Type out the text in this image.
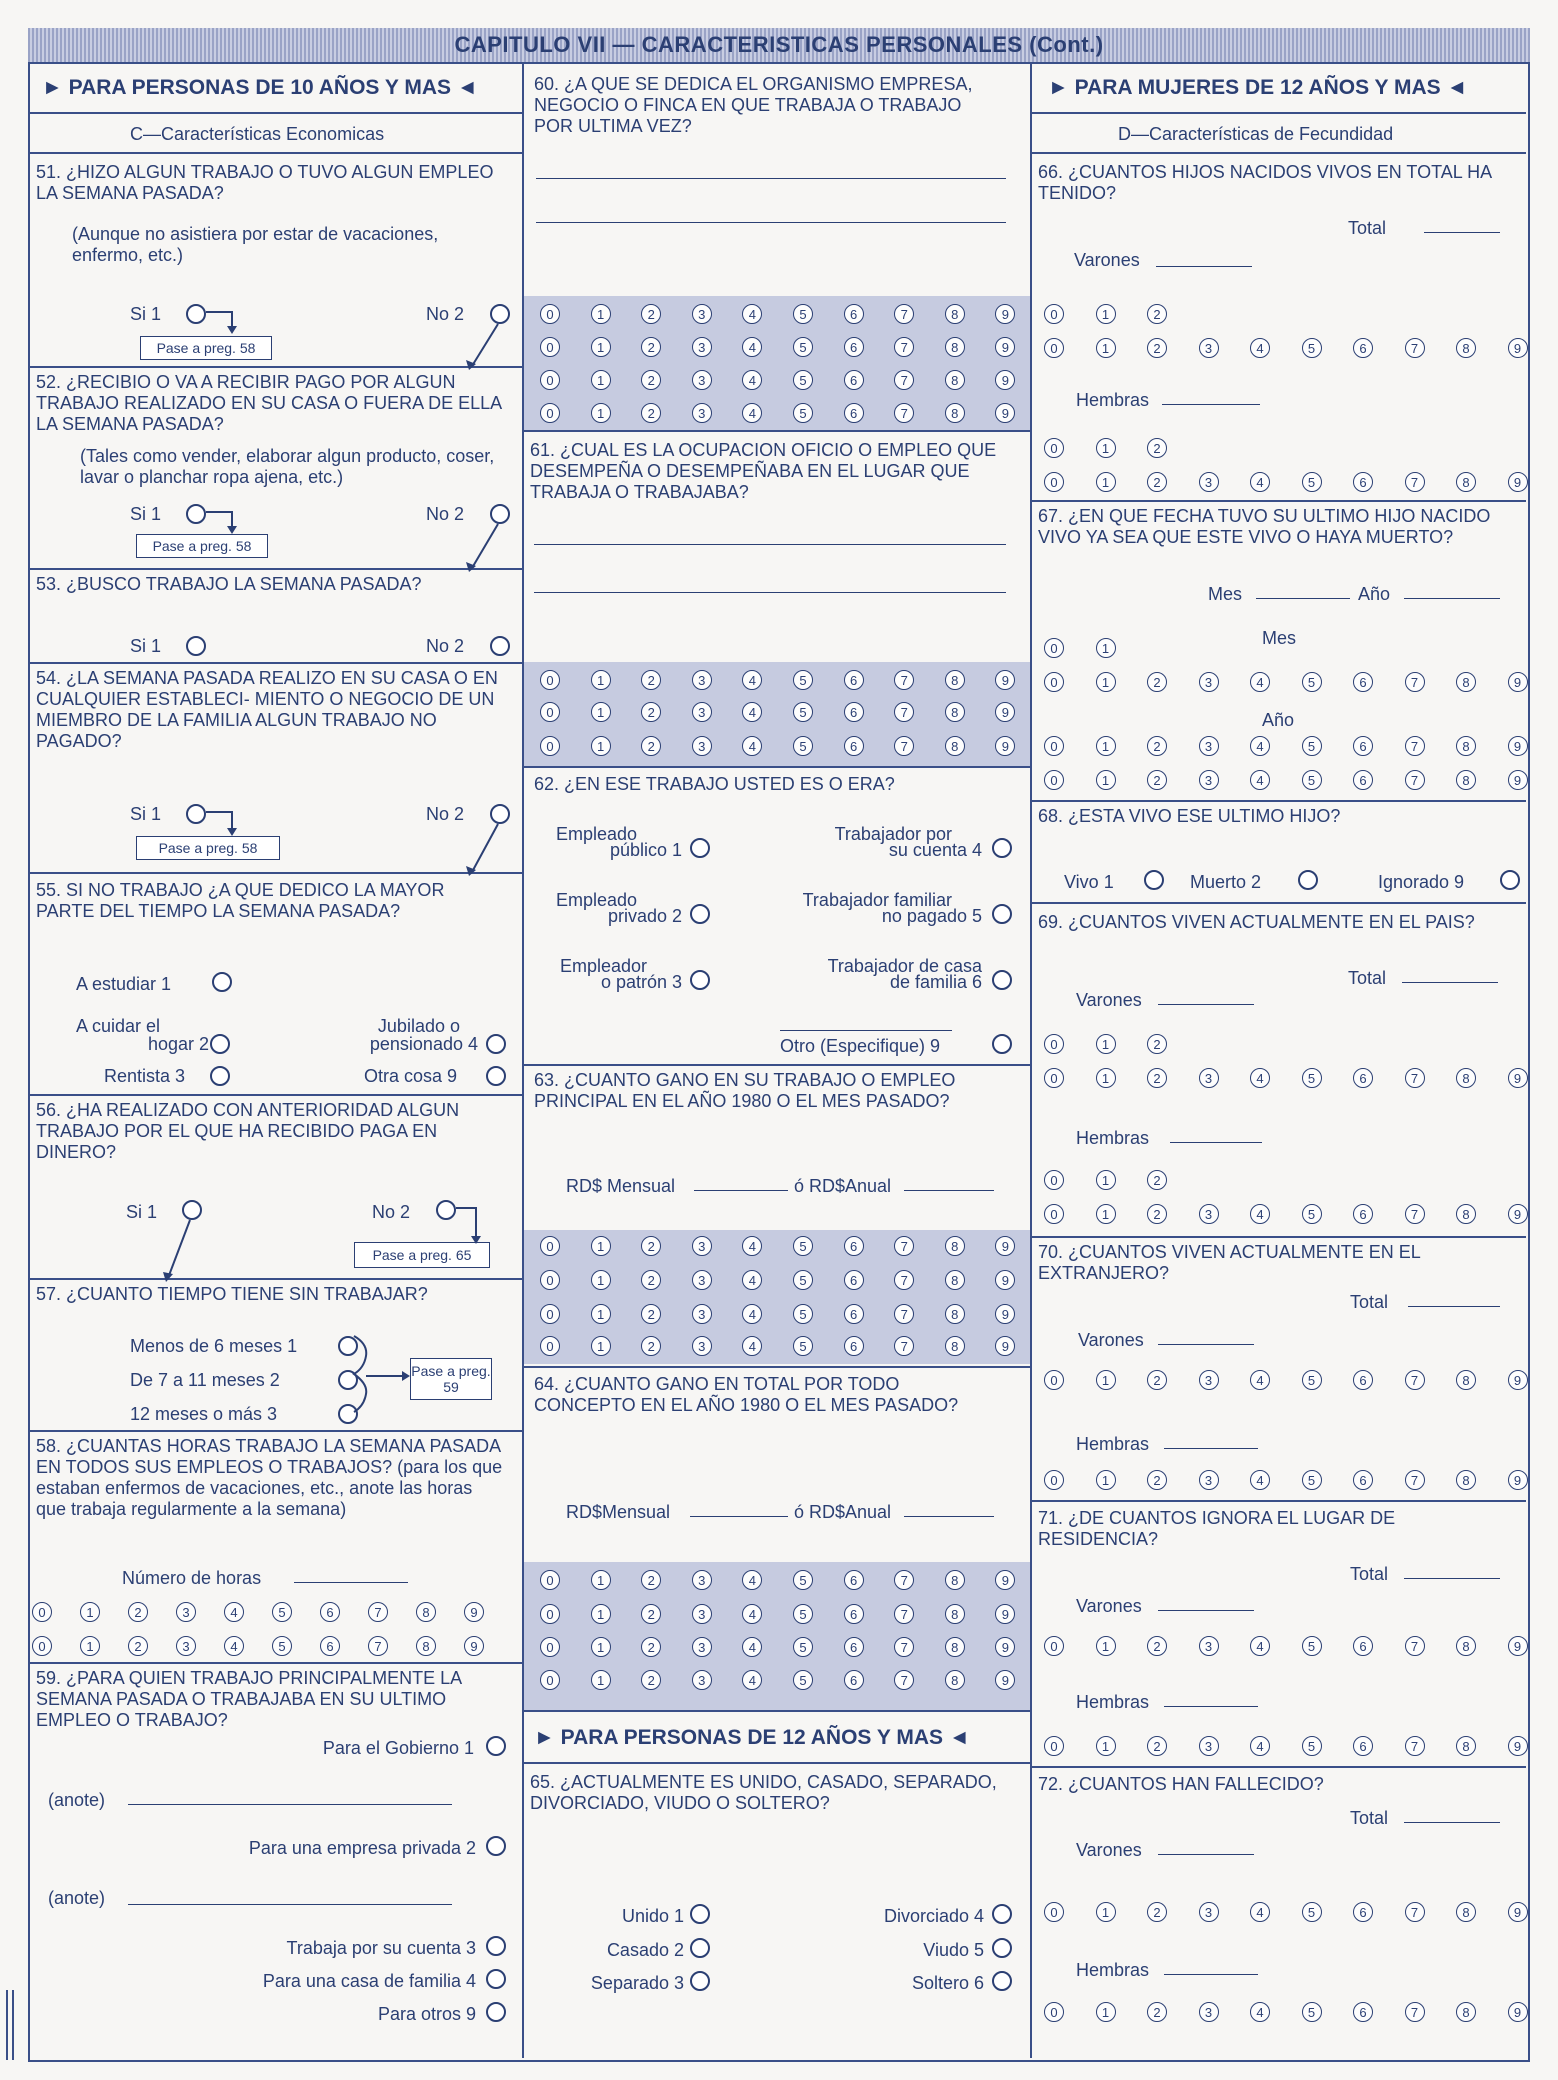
CAPITULO VII — CARACTERISTICAS PERSONALES (Cont.)
► PARA PERSONAS DE 10 AÑOS Y MAS ◄
C—Características Economicas
51. ¿HIZO ALGUN TRABAJO O TUVO ALGUN EMPLEO LA SEMANA PASADA?
(Aunque no asistiera por estar de vacaciones, enfermo, etc.)
Si 1	No 2
Pase a preg. 58
52. ¿RECIBIO O VA A RECIBIR PAGO POR ALGUN TRABAJO REALIZADO EN SU CASA O FUERA DE ELLA LA SEMANA PASADA?
(Tales como vender, elaborar algun producto, coser, lavar o planchar ropa ajena, etc.)
Si 1	No 2
Pase a preg. 58
53. ¿BUSCO TRABAJO LA SEMANA PASADA?
Si 1	No 2
54. ¿LA SEMANA PASADA REALIZO EN SU CASA O EN CUALQUIER ESTABLECI- MIENTO O NEGOCIO DE UN MIEMBRO DE LA FAMILIA ALGUN TRABAJO NO PAGADO?
Si 1	No 2
Pase a preg. 58
55. SI NO TRABAJO ¿A QUE DEDICO LA MAYOR PARTE DEL TIEMPO LA SEMANA PASADA?
A estudiar 1
A cuidar el
hogar 2
Jubilado o
pensionado 4
Rentista 3	Otra cosa 9
56. ¿HA REALIZADO CON ANTERIORIDAD ALGUN TRABAJO POR EL QUE HA RECIBIDO PAGA EN DINERO?
Si 1	No 2
Pase a preg. 65
57. ¿CUANTO TIEMPO TIENE SIN TRABAJAR?
Menos de 6 meses 1
De 7 a 11 meses 2
12 meses o más 3
Pase a preg. 59
58. ¿CUANTAS HORAS TRABAJO LA SEMANA PASADA EN TODOS SUS EMPLEOS O TRABAJOS? (para los que estaban enfermos de vacaciones, etc., anote las horas que trabaja regularmente a la semana)
Número de horas
59. ¿PARA QUIEN TRABAJO PRINCIPALMENTE LA SEMANA PASADA O TRABAJABA EN SU ULTIMO EMPLEO O TRABAJO?
Para el Gobierno 1
(anote)
Para una empresa privada 2
(anote)
Trabaja por su cuenta 3
Para una casa de familia 4
Para otros 9
60. ¿A QUE SE DEDICA EL ORGANISMO EMPRESA, NEGOCIO O FINCA EN QUE TRABAJA O TRABAJO POR ULTIMA VEZ?
61. ¿CUAL ES LA OCUPACION OFICIO O EMPLEO QUE DESEMPEÑA O DESEMPEÑABA EN EL LUGAR QUE TRABAJA O TRABAJABA?
62. ¿EN ESE TRABAJO USTED ES O ERA?
Empleado
público 1
Trabajador por
su cuenta 4
Empleado
privado 2
Trabajador familiar
no pagado 5
Empleador
o patrón 3
Trabajador de casa
de familia 6
Otro (Especifique) 9
63. ¿CUANTO GANO EN SU TRABAJO O EMPLEO PRINCIPAL EN EL AÑO 1980 O EL MES PASADO?
RD$ Mensual	ó RD$Anual
64. ¿CUANTO GANO EN TOTAL POR TODO CONCEPTO EN EL AÑO 1980 O EL MES PASADO?
RD$Mensual	ó RD$Anual
► PARA PERSONAS DE 12 AÑOS Y MAS ◄
65. ¿ACTUALMENTE ES UNIDO, CASADO, SEPARADO, DIVORCIADO, VIUDO O SOLTERO?
Unido 1
Casado 2
Separado 3
Divorciado 4
Viudo 5
Soltero 6
► PARA MUJERES DE 12 AÑOS Y MAS ◄
D—Características de Fecundidad
66. ¿CUANTOS HIJOS NACIDOS VIVOS EN TOTAL HA TENIDO?
Total
Varones
Hembras
67. ¿EN QUE FECHA TUVO SU ULTIMO HIJO NACIDO VIVO YA SEA QUE ESTE VIVO O HAYA MUERTO?
Mes	Año
Mes
Año
68. ¿ESTA VIVO ESE ULTIMO HIJO?
Vivo 1	Muerto 2	Ignorado 9
69. ¿CUANTOS VIVEN ACTUALMENTE EN EL PAIS?
Total
Varones
Hembras
70. ¿CUANTOS VIVEN ACTUALMENTE EN EL EXTRANJERO?
Total
Varones
Hembras
71. ¿DE CUANTOS IGNORA EL LUGAR DE RESIDENCIA?
Total
Varones
Hembras
72. ¿CUANTOS HAN FALLECIDO?
Total
Varones
Hembras
0	1	2	3	4	5	6	7	8	9
0	1	2	3	4	5	6	7	8	9
0	1	2	3	4	5	6	7	8	9
0	1	2	3	4	5	6	7	8	9
0	1	2	3	4	5	6	7	8	9
0	1	2	3	4	5	6	7	8	9
0	1	2	3	4	5	6	7	8	9
0	1	2	3	4	5	6	7	8	9
0	1	2	3	4	5	6	7	8	9
0	1	2	3	4	5	6	7	8	9
0	1	2	3	4	5	6	7	8	9
0	1	2	3	4	5	6	7	8	9
0	1	2	3	4	5	6	7	8	9
0	1	2	3	4	5	6	7	8	9
0	1	2	3	4	5	6	7	8	9
0	1	2	3	4	5	6	7	8	9
0	1	2	3	4	5	6	7	8	9
0	1	2
0	1	2	3	4	5	6	7	8	9
0	1	2
0	1	2	3	4	5	6	7	8	9
0	1
0	1	2	3	4	5	6	7	8	9
0	1	2	3	4	5	6	7	8	9
0	1	2	3	4	5	6	7	8	9
0	1	2
0	1	2	3	4	5	6	7	8	9
0	1	2
0	1	2	3	4	5	6	7	8	9
0	1	2	3	4	5	6	7	8	9
0	1	2	3	4	5	6	7	8	9
0	1	2	3	4	5	6	7	8	9
0	1	2	3	4	5	6	7	8	9
0	1	2	3	4	5	6	7	8	9
0	1	2	3	4	5	6	7	8	9
